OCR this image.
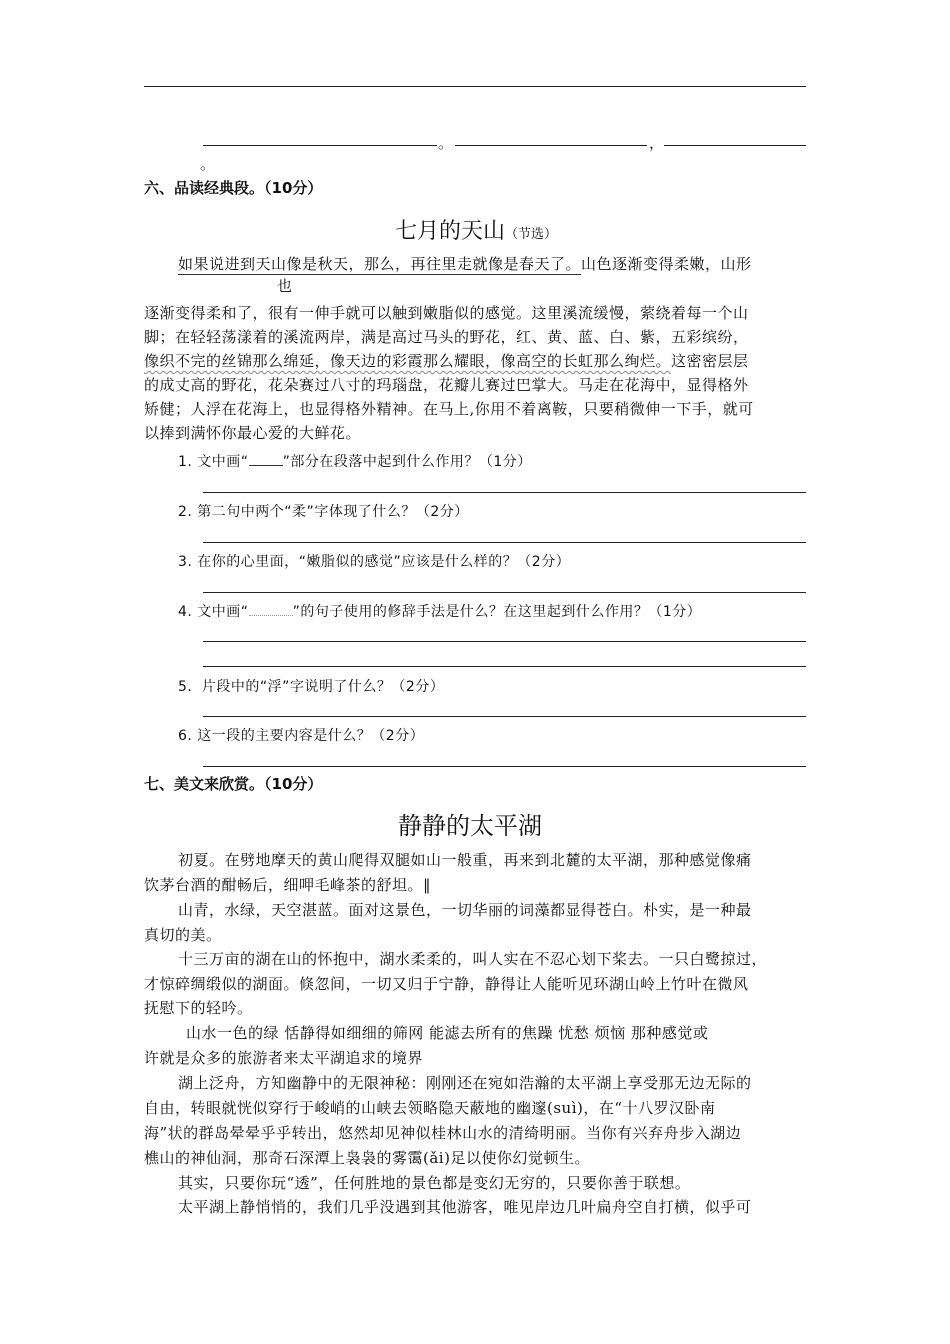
。	，
。
六、品读经典段。（10分）
七月的天山（节选）
如果说进到天山像是秋天，那么，再往里走就像是春天了。山色逐渐变得柔嫩，山形
也
逐渐变得柔和了，很有一伸手就可以触到嫩脂似的感觉。这里溪流缓慢，萦绕着每一个山
脚；在轻轻荡漾着的溪流两岸，满是高过马头的野花，红、黄、蓝、白、紫，五彩缤纷，
像织不完的丝锦那么绵延，像天边的彩霞那么耀眼，像高空的长虹那么绚烂。这密密层层
的成丈高的野花，花朵赛过八寸的玛瑙盘，花瓣儿赛过巴掌大。马走在花海中，显得格外
矫健；人浮在花海上，也显得格外精神。在马上,你用不着离鞍，只要稍微伸一下手，就可
以捧到满怀你最心爱的大鲜花。
1. 文中画“ ”部分在段落中起到什么作用？（1分）
2. 第二句中两个“柔”字体现了什么？（2分）
3. 在你的心里面，“嫩脂似的感觉”应该是什么样的？（2分）
4. 文中画“	”的句子使用的修辞手法是什么？在这里起到什么作用？（1分）
5．片段中的“浮”字说明了什么？（2分）
6. 这一段的主要内容是什么？（2分）
七、美文来欣赏。（10分）
静静的太平湖
初夏。在劈地摩天的黄山爬得双腿如山一般重，再来到北麓的太平湖，那种感觉像痛
饮茅台酒的酣畅后，细呷毛峰茶的舒坦。‖
山青，水绿，天空湛蓝。面对这景色，一切华丽的词藻都显得苍白。朴实，是一种最
真切的美。
十三万亩的湖在山的怀抱中，湖水柔柔的，叫人实在不忍心划下桨去。一只白鹭掠过，
才惊碎绸缎似的湖面。倏忽间，一切又归于宁静，静得让人能听见环湖山岭上竹叶在微风
抚慰下的轻吟。
山水一色的绿 恬静得如细细的筛网 能滤去所有的焦躁 忧愁 烦恼 那种感觉或
许就是众多的旅游者来太平湖追求的境界
湖上泛舟，方知幽静中的无限神秘：刚刚还在宛如浩瀚的太平湖上享受那无边无际的
自由，转眼就恍似穿行于峻峭的山峡去领略隐天蔽地的幽邃(suì)，在“十八罗汉卧南
海”状的群岛晕晕乎乎转出，悠然却见神似桂林山水的清绮明丽。当你有兴弃舟步入湖边
樵山的神仙洞，那奇石深潭上袅袅的雾霭(ǎi)足以使你幻觉顿生。
其实，只要你玩“透”，任何胜地的景色都是变幻无穷的，只要你善于联想。
太平湖上静悄悄的，我们几乎没遇到其他游客，唯见岸边几叶扁舟空自打横，似乎可
